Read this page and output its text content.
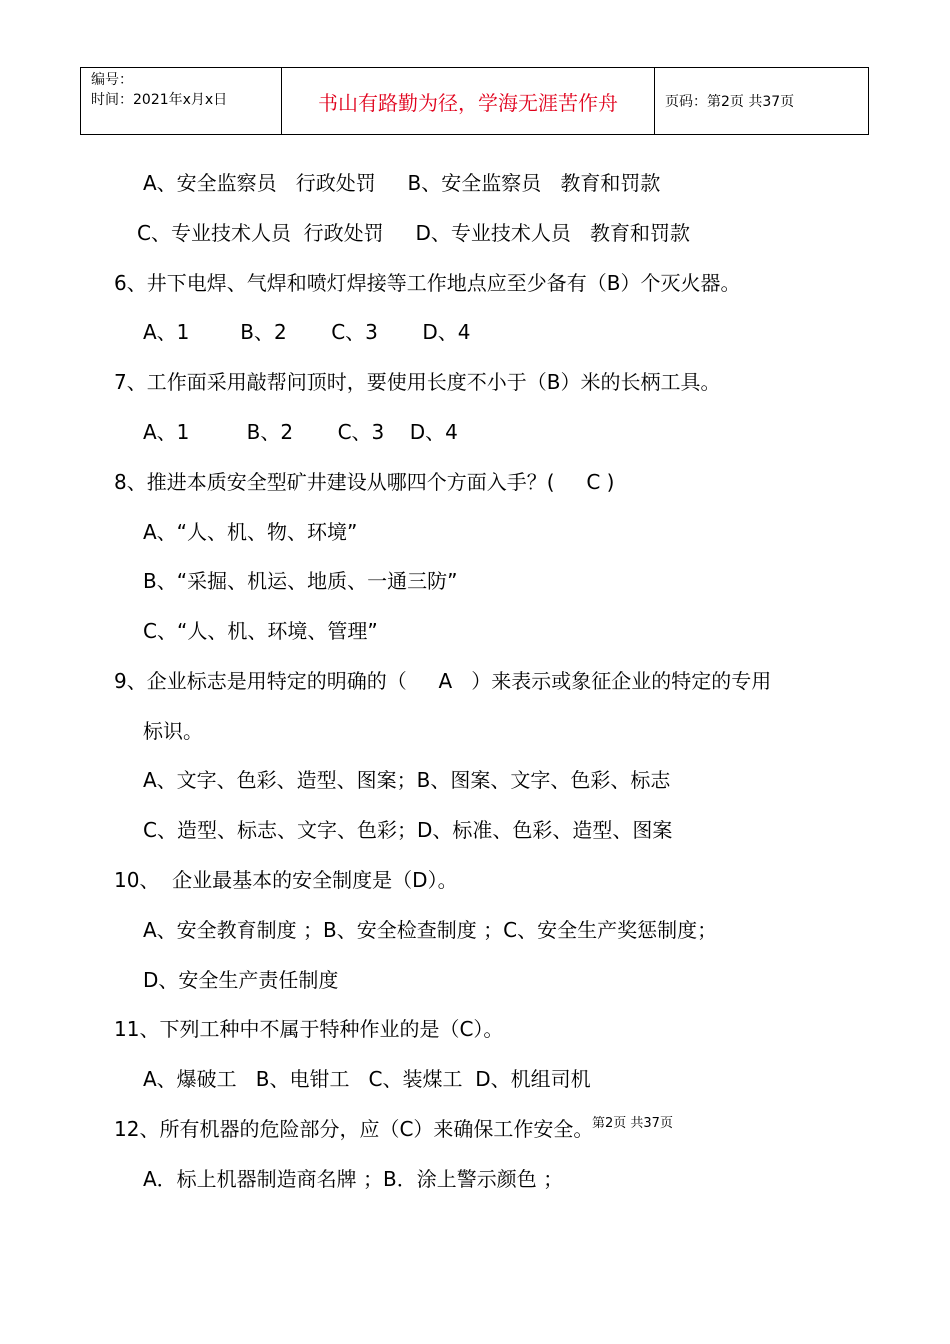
编号：
时间：2021年x月x日	书山有路勤为径，学海无涯苦作舟	页码：第2页 共37页
A、安全监察员   行政处罚     B、安全监察员   教育和罚款
C、专业技术人员  行政处罚     D、专业技术人员   教育和罚款
6、井下电焊、气焊和喷灯焊接等工作地点应至少备有（B）个灭火器。
A、1        B、2       C、3       D、4
7、工作面采用敲帮问顶时，要使用长度不小于（B）米的长柄工具。
A、1         B、2       C、3    D、4
8、推进本质安全型矿井建设从哪四个方面入手？(     C )
A、“人、机、物、环境”
B、“采掘、机运、地质、一通三防”
C、“人、机、环境、管理”
9、企业标志是用特定的明确的（     A   ）来表示或象征企业的特定的专用
标识。
A、文字、色彩、造型、图案；B、图案、文字、色彩、标志
C、造型、标志、文字、色彩；D、标准、色彩、造型、图案
10、  企业最基本的安全制度是（D）。
A、安全教育制度 ；B、安全检查制度 ；C、安全生产奖惩制度；
D、安全生产责任制度
11、下列工种中不属于特种作业的是（C）。
A、爆破工   B、电钳工   C、装煤工  D、机组司机
12、所有机器的危险部分，应（C）来确保工作安全。
A．标上机器制造商名牌 ；B．涂上警示颜色 ；
第2页 共37页
